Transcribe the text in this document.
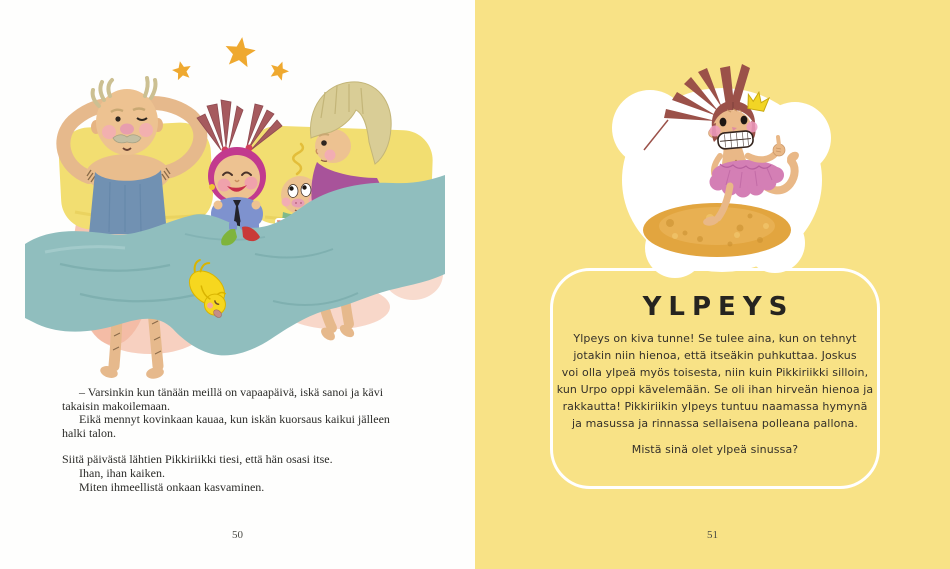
– Varsinkin kun tänään meillä on vapaapäivä, iskä sanoi ja kävi
takaisin makoilemaan.
Eikä mennyt kovinkaan kauaa, kun iskän kuorsaus kaikui jälleen
halki talon.
Siitä päivästä lähtien Pikkiriikki tiesi, että hän osasi itse.
Ihan, ihan kaiken.
Miten ihmeellistä onkaan kasvaminen.
50
YLPEYS
Ylpeys on kiva tunne! Se tulee aina, kun on tehnyt
jotakin niin hienoa, että itseäkin puhkuttaa. Joskus
voi olla ylpeä myös toisesta, niin kuin Pikkiriikki silloin,
kun Urpo oppi kävelemään. Se oli ihan hirveän hienoa ja
rakkautta! Pikkiriikin ylpeys tuntuu naamassa hymynä
ja masussa ja rinnassa sellaisena polleana pallona.
Mistä sinä olet ylpeä sinussa?
51
